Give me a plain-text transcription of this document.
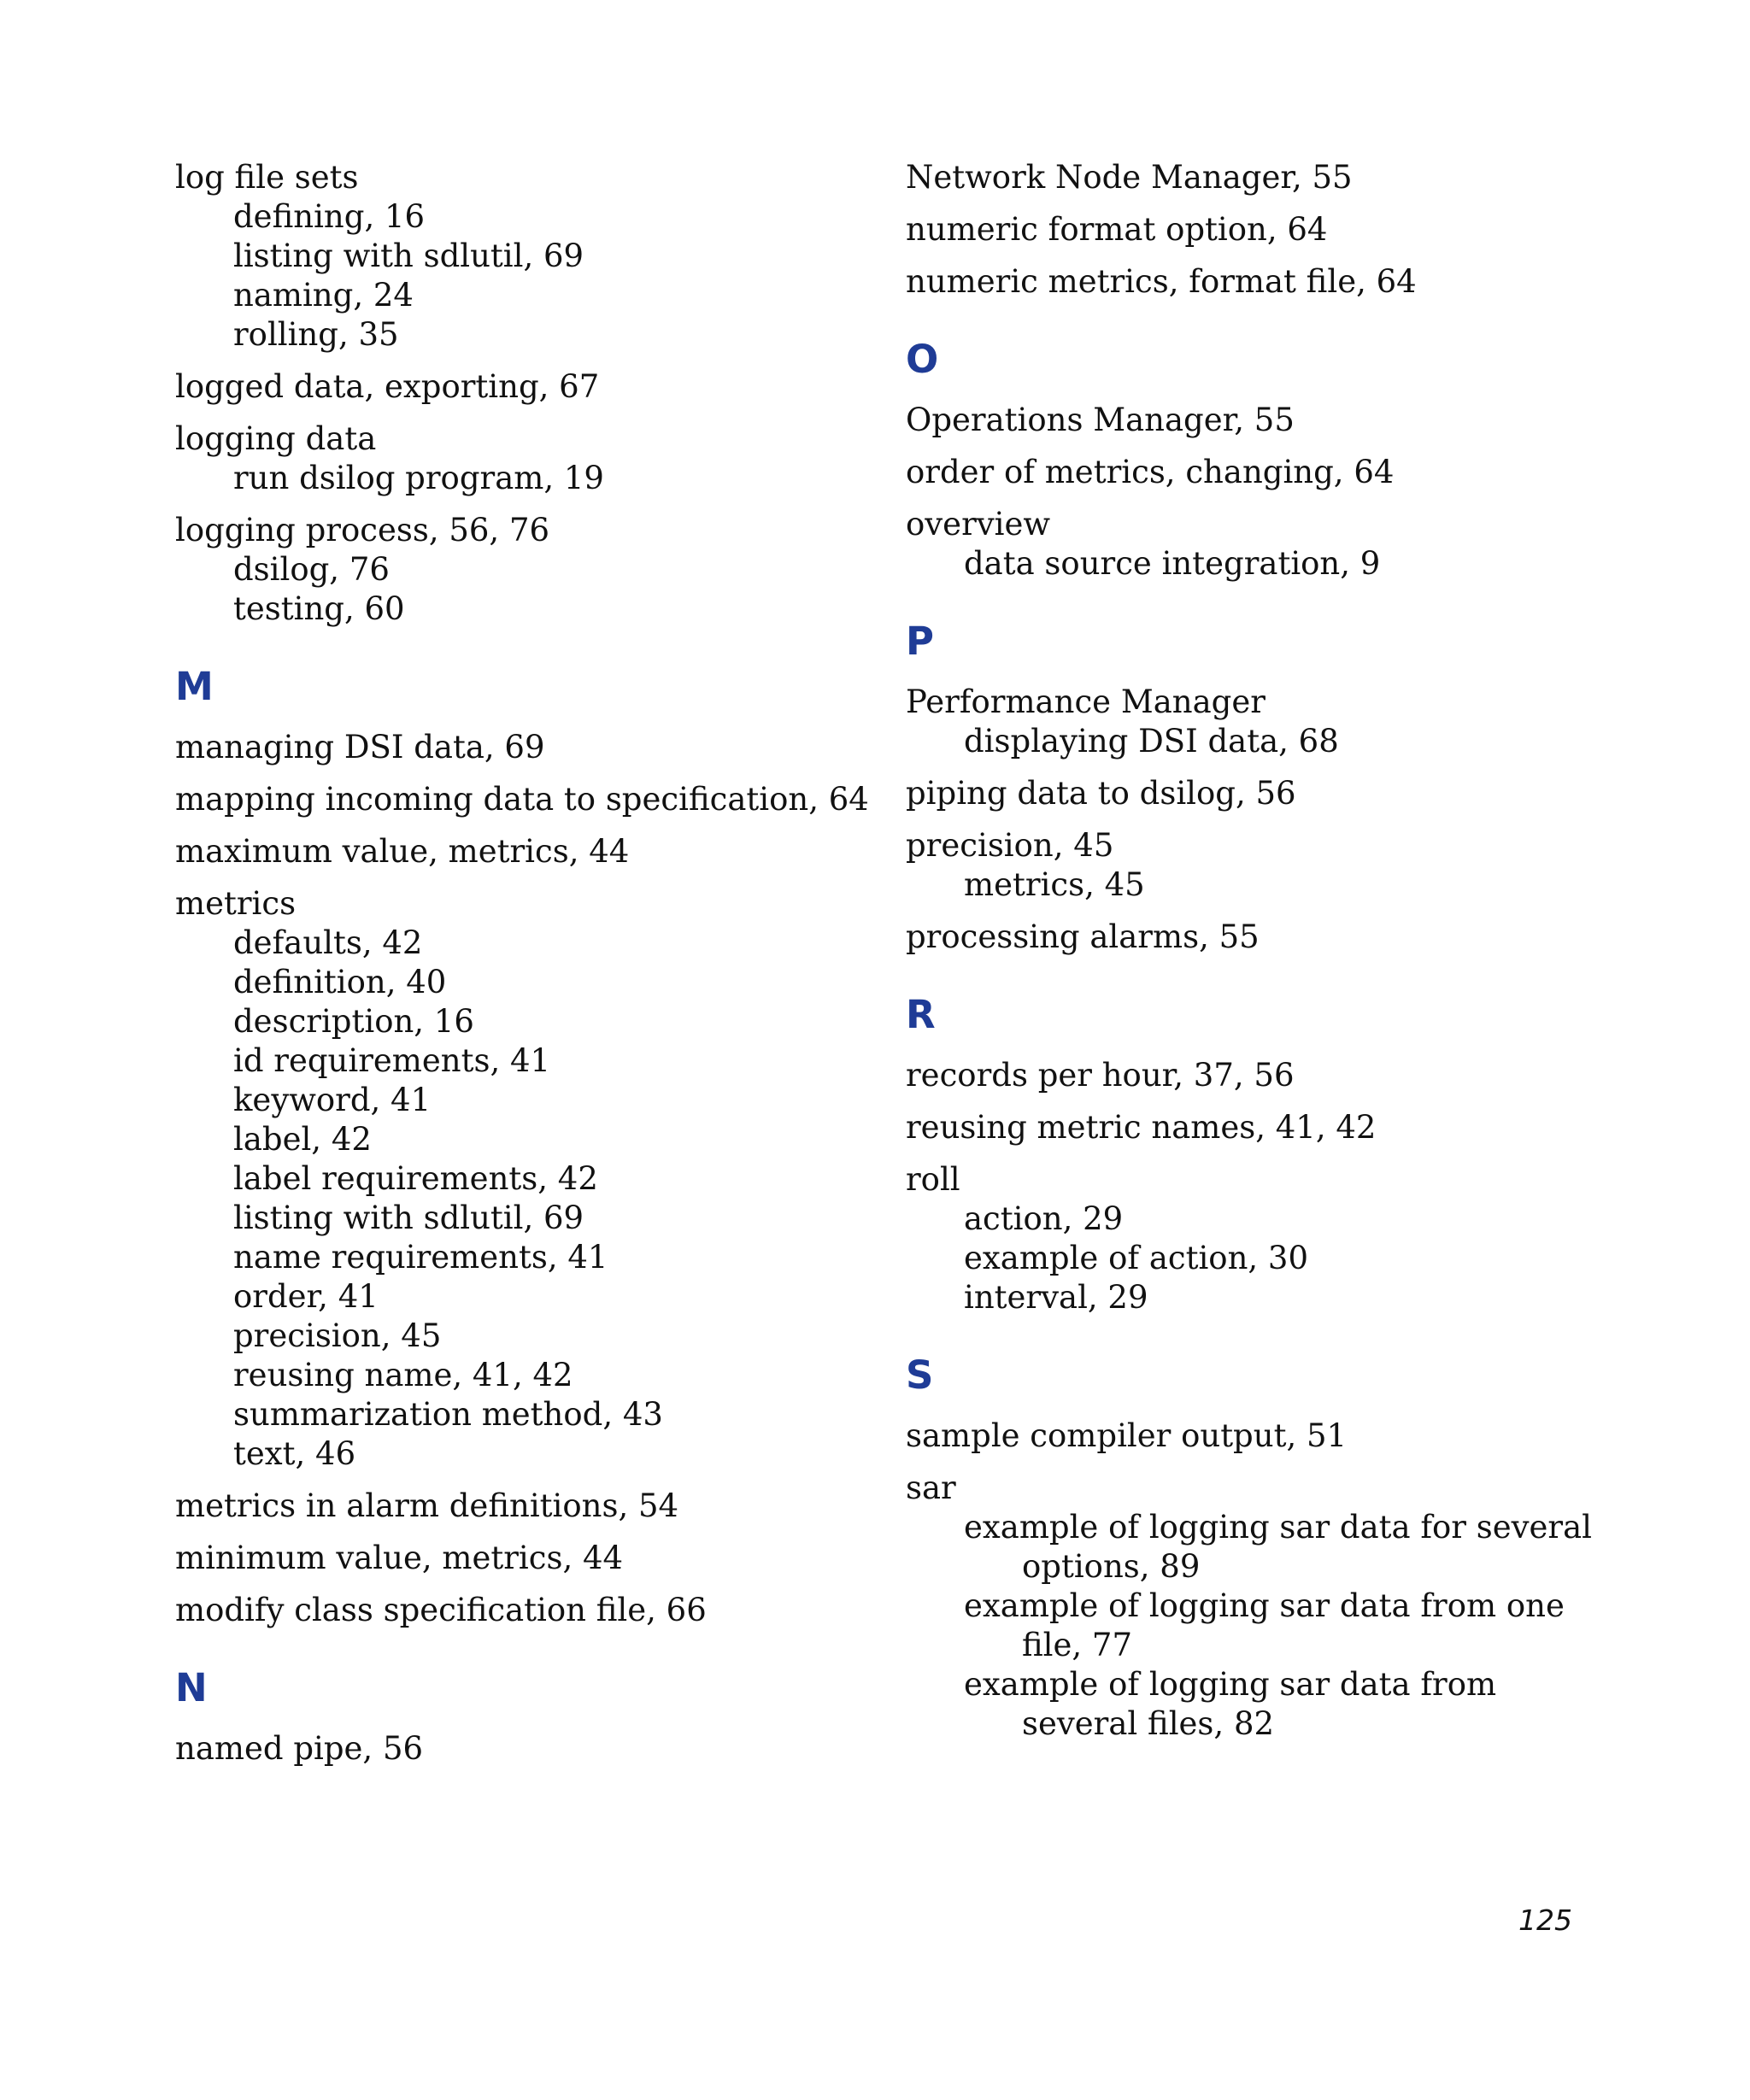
log file sets
defining, 16
listing with sdlutil, 69
naming, 24
rolling, 35
logged data, exporting, 67
logging data
run dsilog program, 19
logging process, 56, 76
dsilog, 76
testing, 60
M
managing DSI data, 69
mapping incoming data to specification, 64
maximum value, metrics, 44
metrics
defaults, 42
definition, 40
description, 16
id requirements, 41
keyword, 41
label, 42
label requirements, 42
listing with sdlutil, 69
name requirements, 41
order, 41
precision, 45
reusing name, 41, 42
summarization method, 43
text, 46
metrics in alarm definitions, 54
minimum value, metrics, 44
modify class specification file, 66
N
named pipe, 56
Network Node Manager, 55
numeric format option, 64
numeric metrics, format file, 64
O
Operations Manager, 55
order of metrics, changing, 64
overview
data source integration, 9
P
Performance Manager
displaying DSI data, 68
piping data to dsilog, 56
precision, 45
metrics, 45
processing alarms, 55
R
records per hour, 37, 56
reusing metric names, 41, 42
roll
action, 29
example of action, 30
interval, 29
S
sample compiler output, 51
sar
example of logging sar data for several options, 89
example of logging sar data from one file, 77
example of logging sar data from several files, 82
125
